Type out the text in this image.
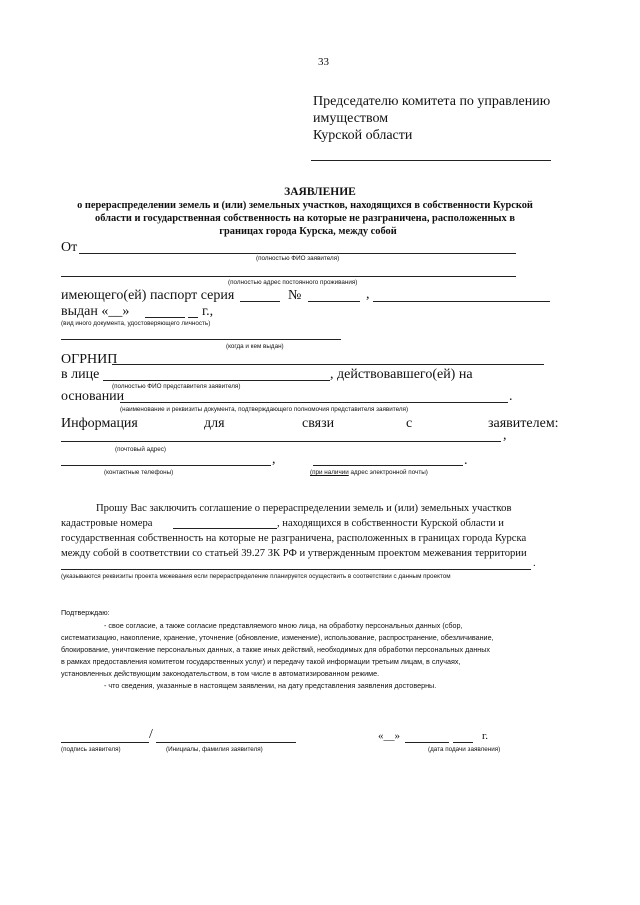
33
Председателю комитета по управлению
имуществом
Курской области
ЗАЯВЛЕНИЕ
о перераспределении земель и (или) земельных участков, находящихся в собственности Курской
области и государственная собственность на которые не разграничена, расположенных в
границах города Курска, между собой
От
(полностью ФИО заявителя)
(полностью адрес постоянного проживания)
имеющего(ей) паспорт серия	№	,
выдан «__»	г.,
(вид иного документа, удостоверяющего личность)
(когда и кем выдан)
ОГРНИП
в лице	, действовавшего(ей) на
(полностью ФИО представителя заявителя)
основании	.
(наименование и реквизиты документа, подтверждающего полномочия представителя заявителя)
Информация	для	связи	с	заявителем:
,
(почтовый адрес)
,	.
(контактные телефоны)	(при наличии адрес электронной почты)
Прошу Вас заключить соглашение о перераспределении земель и (или) земельных участков
кадастровые номера	, находящихся в собственности Курской области и
государственная собственность на которые не разграничена, расположенных в границах города Курска
между собой в соответствии со статьей 39.27 ЗК РФ и утвержденным проектом межевания территории
.
(указываются реквизиты проекта межевания если перераспределение планируется осуществить в соответствии с данным проектом
Подтверждаю:
- свое согласие, а также согласие представляемого мною лица, на обработку персональных данных (сбор,
систематизацию, накопление, хранение, уточнение (обновление, изменение), использование, распространение, обезличивание,
блокирование, уничтожение персональных данных, а также иных действий, необходимых для обработки персональных данных
в рамках предоставления комитетом государственных услуг) и передачу такой информации третьим лицам, в случаях,
установленных действующим законодательством, в том числе в автоматизированном режиме.
- что сведения, указанные в настоящем заявлении, на дату представления заявления достоверны.
/	«__»	г.
(подпись заявителя)	(Инициалы, фамилия заявителя)	(дата подачи заявления)
